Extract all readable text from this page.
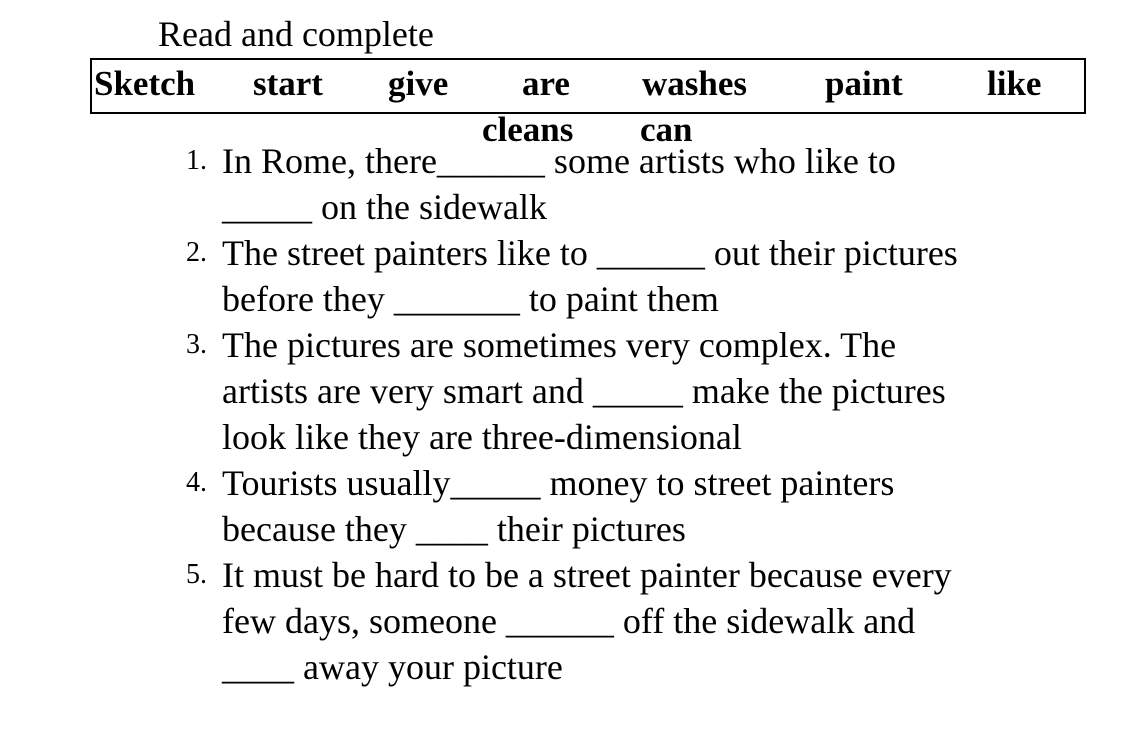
Read and complete
Sketch start give are washes paint like
cleans can
1. In Rome, there______ some artists who like to
_____ on the sidewalk
2. The street painters like to ______ out their pictures
before they _______ to paint them
3. The pictures are sometimes very complex. The
artists are very smart and _____ make the pictures
look like they are three-dimensional
4. Tourists usually_____ money to street painters
because they ____ their pictures
5. It must be hard to be a street painter because every
few days, someone ______ off the sidewalk and
____ away your picture
